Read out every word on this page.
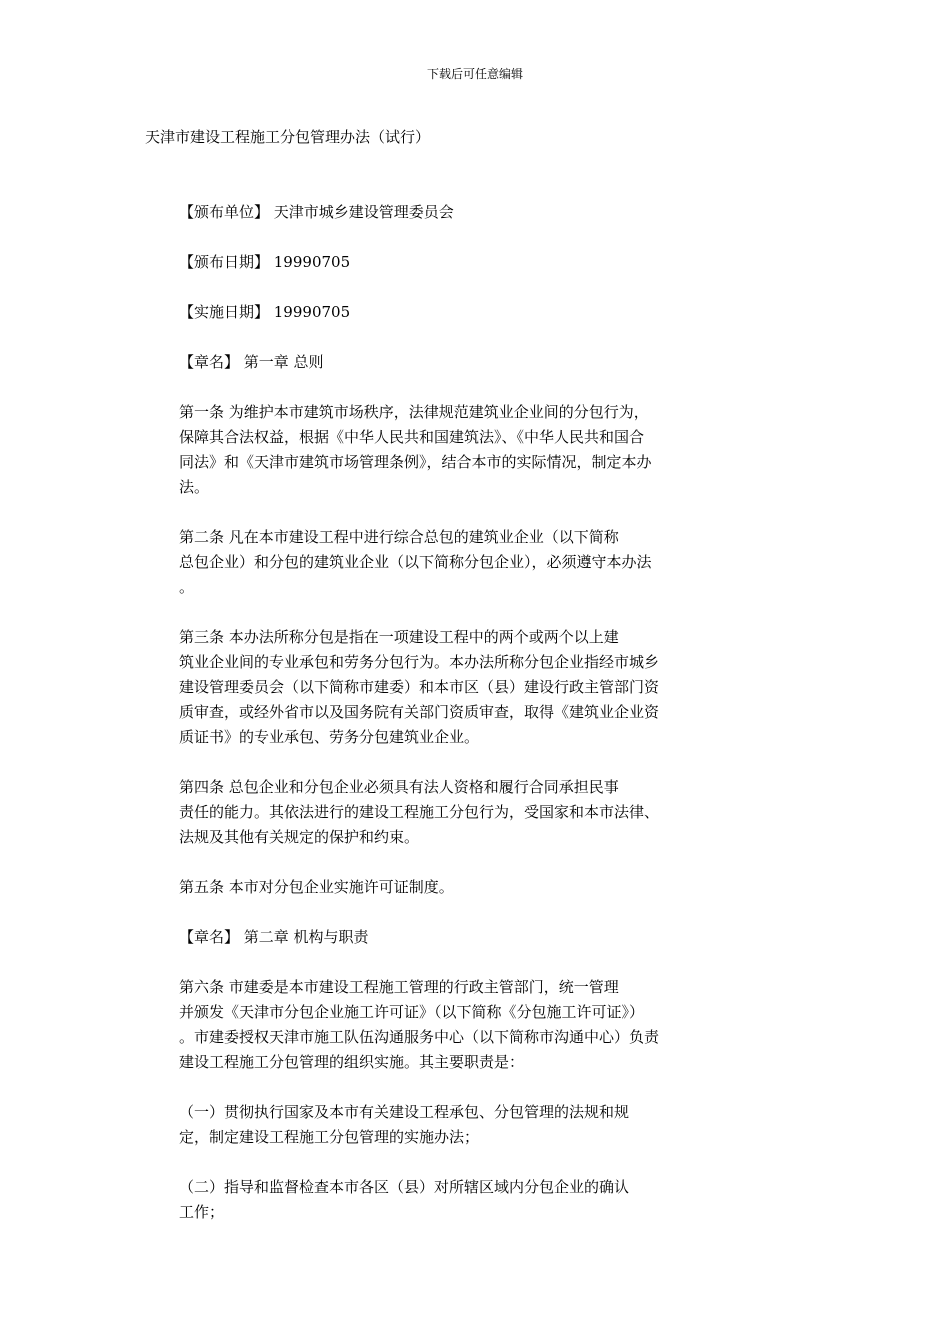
下载后可任意编辑
天津市建设工程施工分包管理办法（试行）

【颁布单位】 天津市城乡建设管理委员会

【颁布日期】 19990705

【实施日期】 19990705

【章名】 第一章 总则

第一条 为维护本市建筑市场秩序，法律规范建筑业企业间的分包行为，
保障其合法权益，根据《中华人民共和国建筑法》、《中华人民共和国合
同法》和《天津市建筑市场管理条例》，结合本市的实际情况，制定本办
法。

第二条 凡在本市建设工程中进行综合总包的建筑业企业（以下简称
总包企业）和分包的建筑业企业（以下简称分包企业），必须遵守本办法
。

第三条 本办法所称分包是指在一项建设工程中的两个或两个以上建
筑业企业间的专业承包和劳务分包行为。本办法所称分包企业指经市城乡
建设管理委员会（以下简称市建委）和本市区（县）建设行政主管部门资
质审查，或经外省市以及国务院有关部门资质审查，取得《建筑业企业资
质证书》的专业承包、劳务分包建筑业企业。

第四条 总包企业和分包企业必须具有法人资格和履行合同承担民事
责任的能力。其依法进行的建设工程施工分包行为，受国家和本市法律、
法规及其他有关规定的保护和约束。

第五条 本市对分包企业实施许可证制度。

【章名】 第二章 机构与职责

第六条 市建委是本市建设工程施工管理的行政主管部门，统一管理
并颁发《天津市分包企业施工许可证》（以下简称《分包施工许可证》）
。市建委授权天津市施工队伍沟通服务中心（以下简称市沟通中心）负责
建设工程施工分包管理的组织实施。其主要职责是：

（一）贯彻执行国家及本市有关建设工程承包、分包管理的法规和规
定，制定建设工程施工分包管理的实施办法；

（二）指导和监督检查本市各区（县）对所辖区域内分包企业的确认
工作；
